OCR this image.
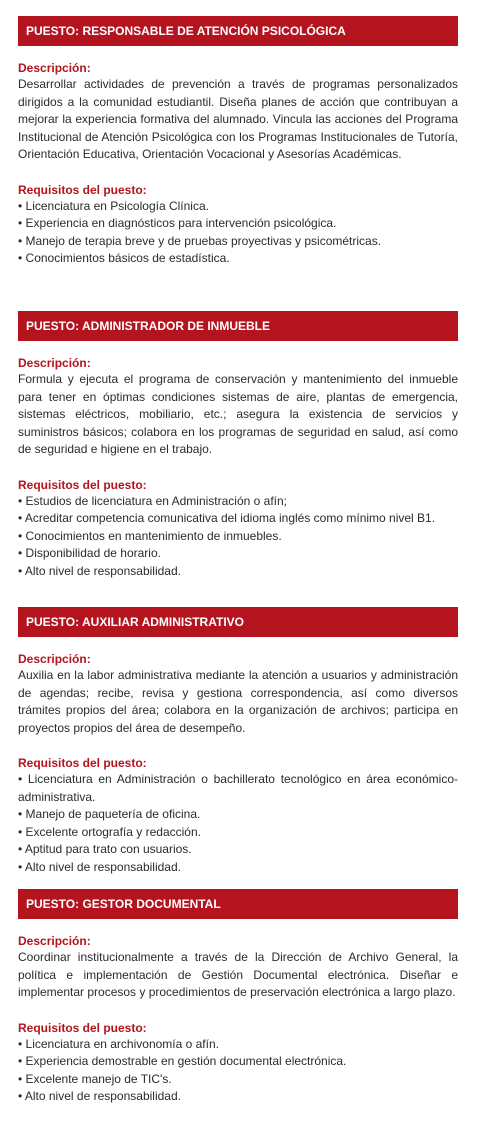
PUESTO: RESPONSABLE DE ATENCIÓN PSICOLÓGICA
Descripción:

Desarrollar actividades de prevención a través de programas personalizados dirigidos a la comunidad estudiantil. Diseña planes de acción que contribuyan a mejorar la experiencia formativa del alumnado. Vincula las acciones del Programa Institucional de Atención Psicológica con los Programas Institucionales de Tutoría, Orientación Educativa, Orientación Vocacional y Asesorías Académicas.

Requisitos del puesto:
• Licenciatura en Psicología Clínica.
• Experiencia en diagnósticos para intervención psicológica.
• Manejo de terapia breve y de pruebas proyectivas y psicométricas.
• Conocimientos básicos de estadística.
PUESTO: ADMINISTRADOR DE INMUEBLE
Descripción:

Formula y ejecuta el programa de conservación y mantenimiento del inmueble para tener en óptimas condiciones sistemas de aire, plantas de emergencia, sistemas eléctricos, mobiliario, etc.; asegura la existencia de servicios y suministros básicos; colabora en los programas de seguridad en salud, así como de seguridad e higiene en el trabajo.

Requisitos del puesto:
• Estudios de licenciatura en Administración o afín;
• Acreditar competencia comunicativa del idioma inglés como mínimo nivel B1.
• Conocimientos en mantenimiento de inmuebles.
• Disponibilidad de horario.
• Alto nivel de responsabilidad.
PUESTO: AUXILIAR ADMINISTRATIVO
Descripción:

Auxilia en la labor administrativa mediante la atención a usuarios y administración de agendas; recibe, revisa y gestiona correspondencia, así como diversos trámites propios del área; colabora en la organización de archivos; participa en proyectos propios del área de desempeño.

Requisitos del puesto:
• Licenciatura en Administración o bachillerato tecnológico en área económico-administrativa.
• Manejo de paquetería de oficina.
• Excelente ortografía y redacción.
• Aptitud para trato con usuarios.
• Alto nivel de responsabilidad.
PUESTO: GESTOR DOCUMENTAL
Descripción:

Coordinar institucionalmente a través de la Dirección de Archivo General, la política e implementación de Gestión Documental electrónica. Diseñar e implementar procesos y procedimientos de preservación electrónica a largo plazo.

Requisitos del puesto:
• Licenciatura en archivonomía o afín.
• Experiencia demostrable en gestión documental electrónica.
• Excelente manejo de TIC's.
• Alto nivel de responsabilidad.
